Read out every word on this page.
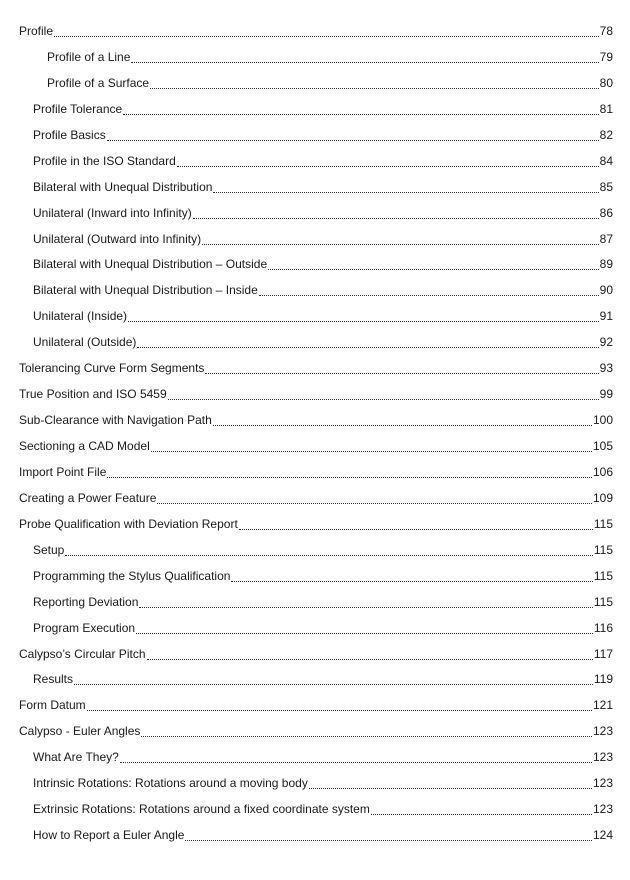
Profile	78
Profile of a Line	79
Profile of a Surface	80
Profile Tolerance	81
Profile Basics	82
Profile in the ISO Standard	84
Bilateral with Unequal Distribution	85
Unilateral (Inward into Infinity)	86
Unilateral (Outward into Infinity)	87
Bilateral with Unequal Distribution – Outside	89
Bilateral with Unequal Distribution – Inside	90
Unilateral (Inside)	91
Unilateral (Outside)	92
Tolerancing Curve Form Segments	93
True Position and ISO 5459	99
Sub-Clearance with Navigation Path	100
Sectioning a CAD Model	105
Import Point File	106
Creating a Power Feature	109
Probe Qualification with Deviation Report	115
Setup	115
Programming the Stylus Qualification	115
Reporting Deviation	115
Program Execution	116
Calypso’s Circular Pitch	117
Results	119
Form Datum	121
Calypso - Euler Angles	123
What Are They?	123
Intrinsic Rotations: Rotations around a moving body	123
Extrinsic Rotations: Rotations around a fixed coordinate system	123
How to Report a Euler Angle	124
